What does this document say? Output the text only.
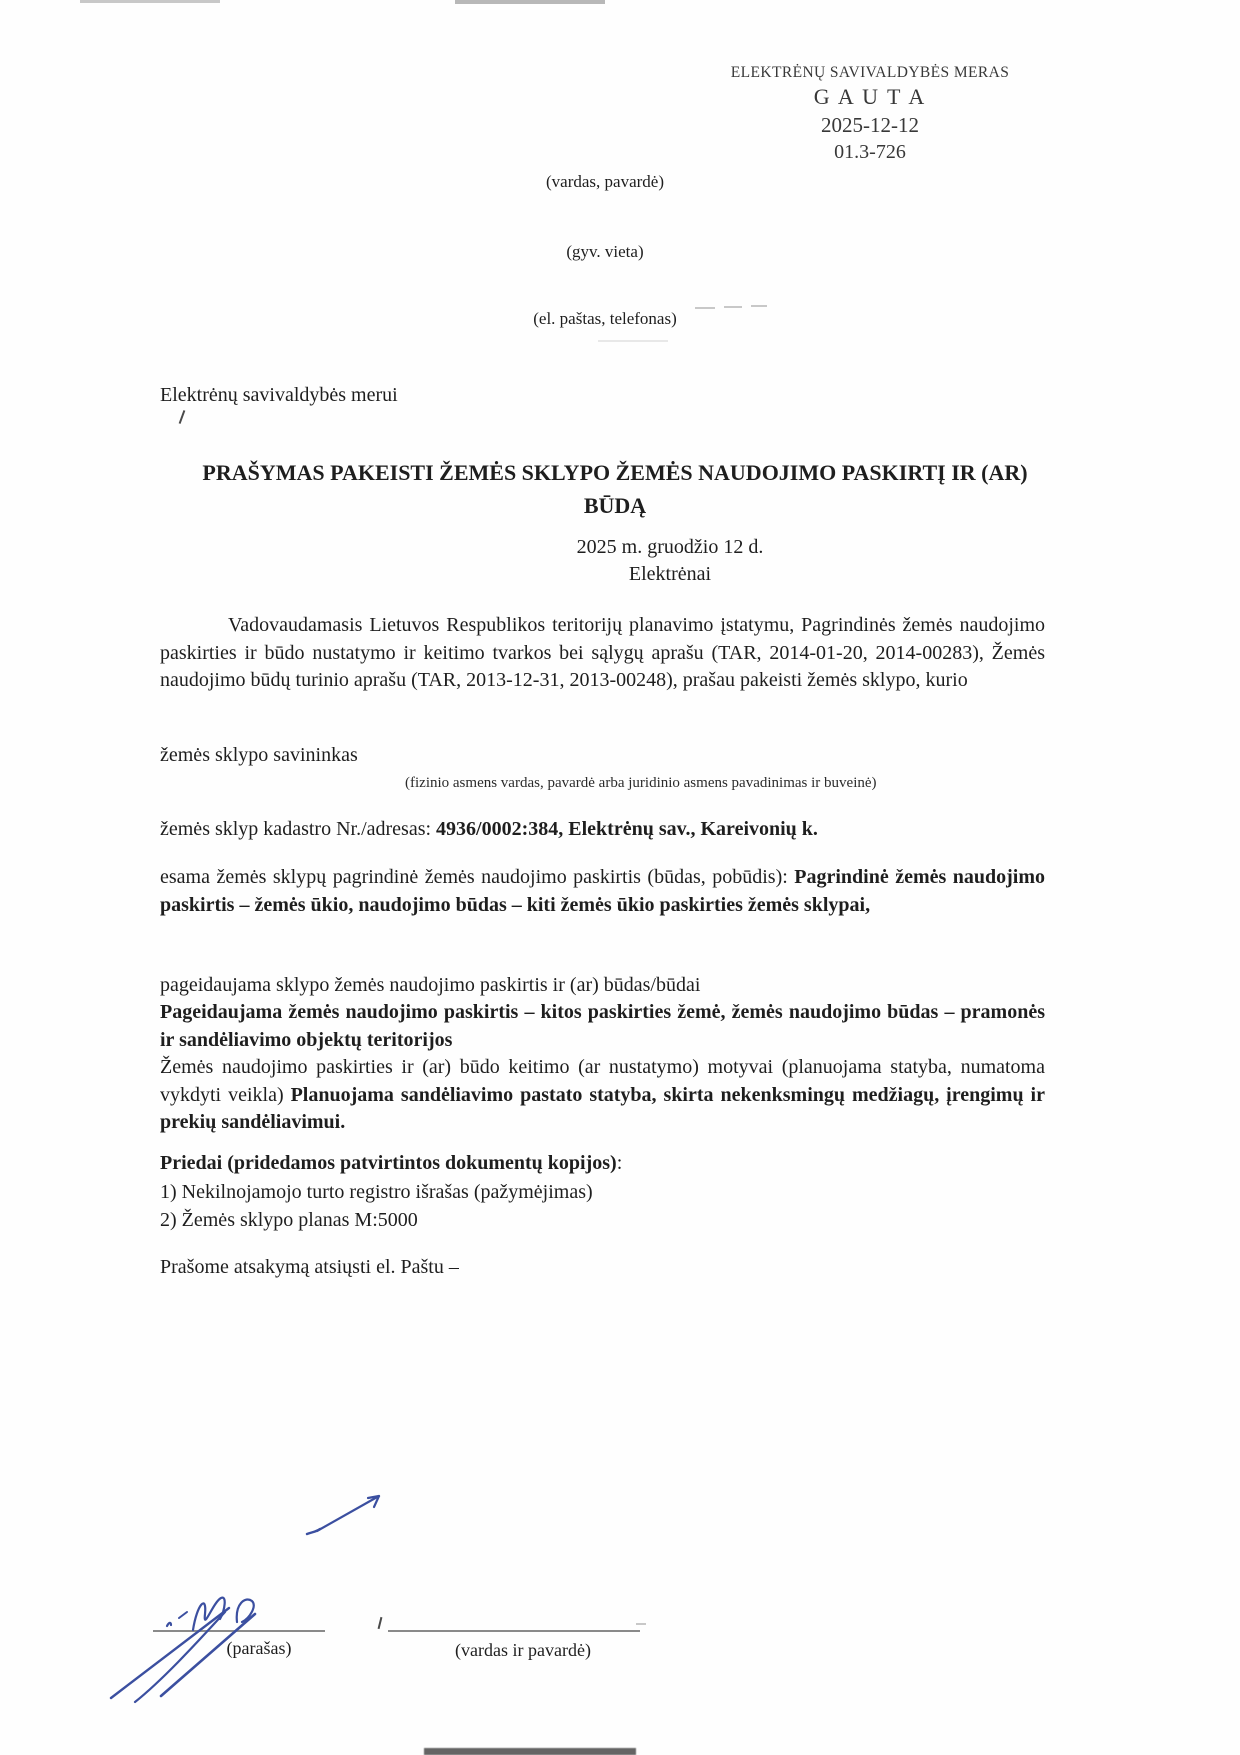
ELEKTRĖNŲ SAVIVALDYBĖS MERAS
G A U T A
2025-12-12
01.3-726
(vardas, pavardė)
(gyv. vieta)
(el. paštas, telefonas)
Elektrėnų savivaldybės merui
PRAŠYMAS PAKEISTI ŽEMĖS SKLYPO ŽEMĖS NAUDOJIMO PASKIRTĮ IR (AR)
BŪDĄ
2025 m. gruodžio 12 d.
Elektrėnai
Vadovaudamasis Lietuvos Respublikos teritorijų planavimo įstatymu, Pagrindinės žemės naudojimo paskirties ir būdo nustatymo ir keitimo tvarkos bei sąlygų aprašu (TAR, 2014-01-20, 2014-00283), Žemės naudojimo būdų turinio aprašu (TAR, 2013-12-31, 2013-00248), prašau pakeisti žemės sklypo, kurio
žemės sklypo savininkas
(fizinio asmens vardas, pavardė arba juridinio asmens pavadinimas ir buveinė)
žemės sklyp kadastro Nr./adresas: 4936/0002:384, Elektrėnų sav., Kareivonių k.
esama žemės sklypų pagrindinė žemės naudojimo paskirtis (būdas, pobūdis): Pagrindinė žemės naudojimo paskirtis – žemės ūkio, naudojimo būdas – kiti žemės ūkio paskirties žemės sklypai,
pageidaujama sklypo žemės naudojimo paskirtis ir (ar) būdas/būdai
Pageidaujama žemės naudojimo paskirtis – kitos paskirties žemė, žemės naudojimo būdas – pramonės ir sandėliavimo objektų teritorijos
Žemės naudojimo paskirties ir (ar) būdo keitimo (ar nustatymo) motyvai (planuojama statyba, numatoma vykdyti veikla) Planuojama sandėliavimo pastato statyba, skirta nekenksmingų medžiagų, įrengimų ir prekių sandėliavimui.
Priedai (pridedamos patvirtintos dokumentų kopijos):
1) Nekilnojamojo turto registro išrašas (pažymėjimas)
2) Žemės sklypo planas M:5000
Prašome atsakymą atsiųsti el. Paštu –
(parašas)	(vardas ir pavardė)
